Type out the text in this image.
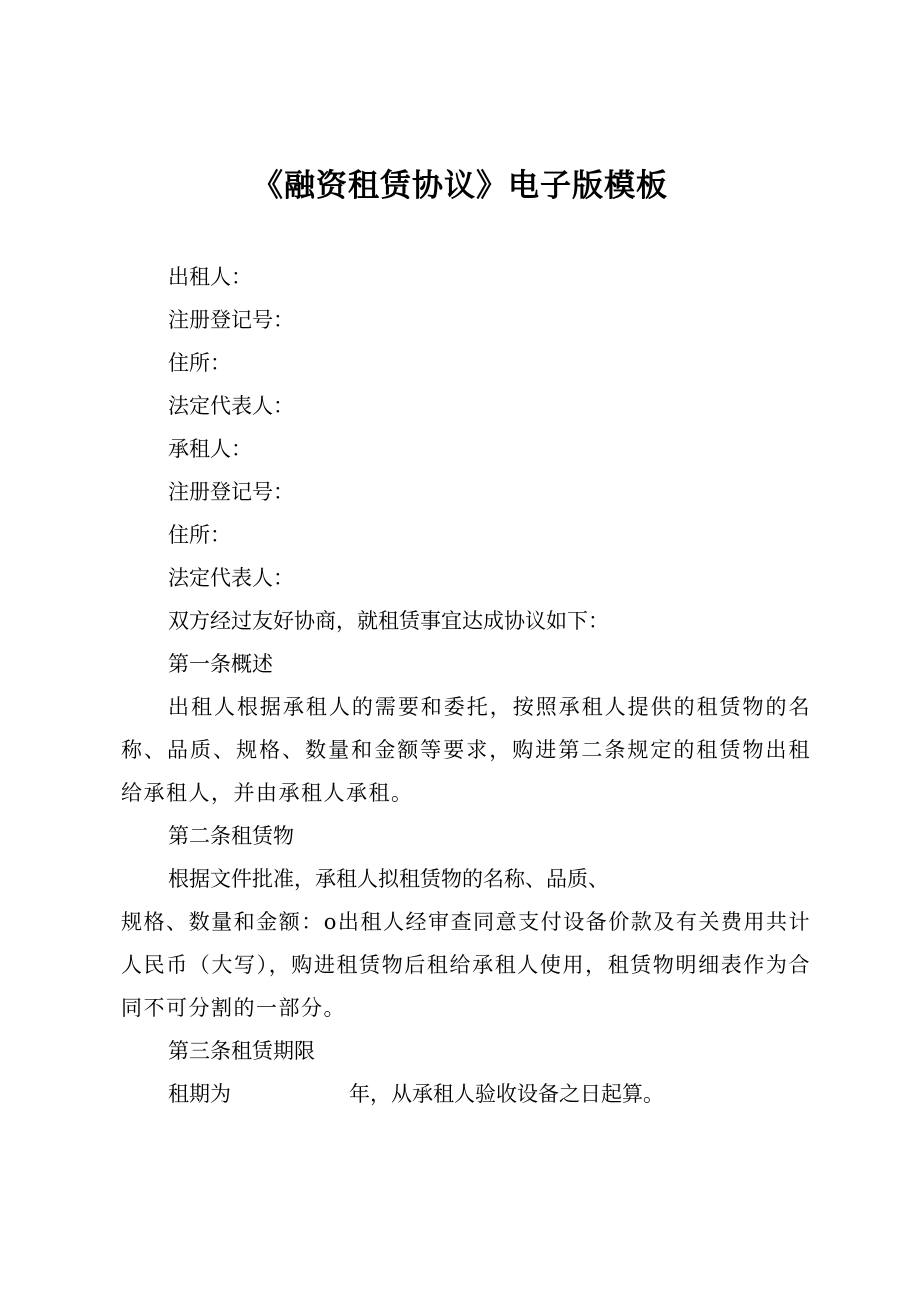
《融资租赁协议》电子版模板

出租人：

注册登记号：

住所：

法定代表人：

承租人：

注册登记号：

住所：

法定代表人：

双方经过友好协商，就租赁事宜达成协议如下：

第一条概述

出租人根据承租人的需要和委托，按照承租人提供的租赁物的名称、品质、规格、数量和金额等要求，购进第二条规定的租赁物出租给承租人，并由承租人承租。

第二条租赁物

根据文件批准，承租人拟租赁物的名称、品质、

规格、数量和金额：o出租人经审查同意支付设备价款及有关费用共计人民币（大写），购进租赁物后租给承租人使用，租赁物明细表作为合同不可分割的一部分。

第三条租赁期限

租期为	年，从承租人验收设备之日起算。
